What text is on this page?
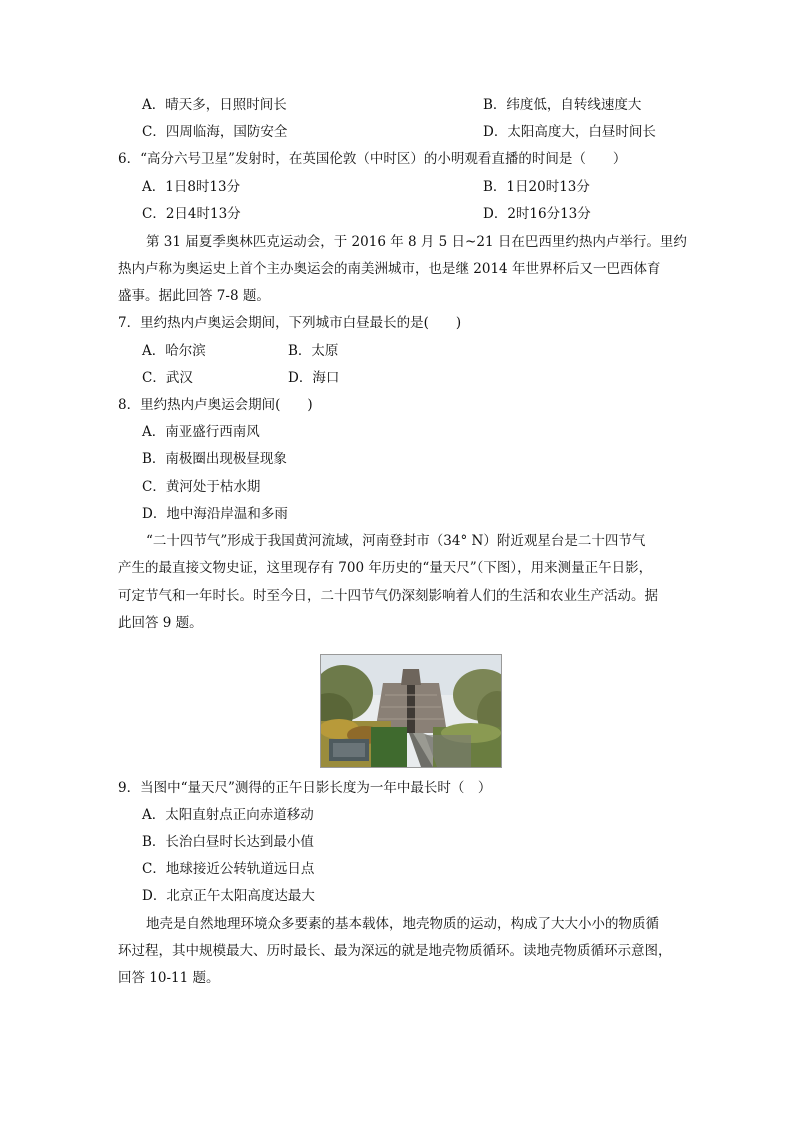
A．晴天多，日照时间长	B．纬度低，自转线速度大
C．四周临海，国防安全	D．太阳高度大，白昼时间长
6．“高分六号卫星”发射时，在英国伦敦（中时区）的小明观看直播的时间是（　　）
A．1日8时13分	B．1日20时13分
C．2日4时13分	D．2时16分13分
第 31 届夏季奥林匹克运动会，于 2016 年 8 月 5 日~21 日在巴西里约热内卢举行。里约
热内卢称为奥运史上首个主办奥运会的南美洲城市，也是继 2014 年世界杯后又一巴西体育
盛事。据此回答 7-8 题。
7．里约热内卢奥运会期间，下列城市白昼最长的是(　　)
A．哈尔滨	B．太原
C．武汉	D．海口
8．里约热内卢奥运会期间(　　)
A．南亚盛行西南风
B．南极圈出现极昼现象
C．黄河处于枯水期
D．地中海沿岸温和多雨
“二十四节气”形成于我国黄河流域，河南登封市（34° N）附近观星台是二十四节气
产生的最直接文物史证，这里现存有 700 年历史的“量天尺”（下图），用来测量正午日影，
可定节气和一年时长。时至今日，二十四节气仍深刻影响着人们的生活和农业生产活动。据
此回答 9 题。
9．当图中“量天尺”测得的正午日影长度为一年中最长时（　）
A．太阳直射点正向赤道移动
B．长治白昼时长达到最小值
C．地球接近公转轨道远日点
D．北京正午太阳高度达最大
地壳是自然地理环境众多要素的基本载体，地壳物质的运动，构成了大大小小的物质循
环过程，其中规模最大、历时最长、最为深远的就是地壳物质循环。读地壳物质循环示意图，
回答 10-11 题。
